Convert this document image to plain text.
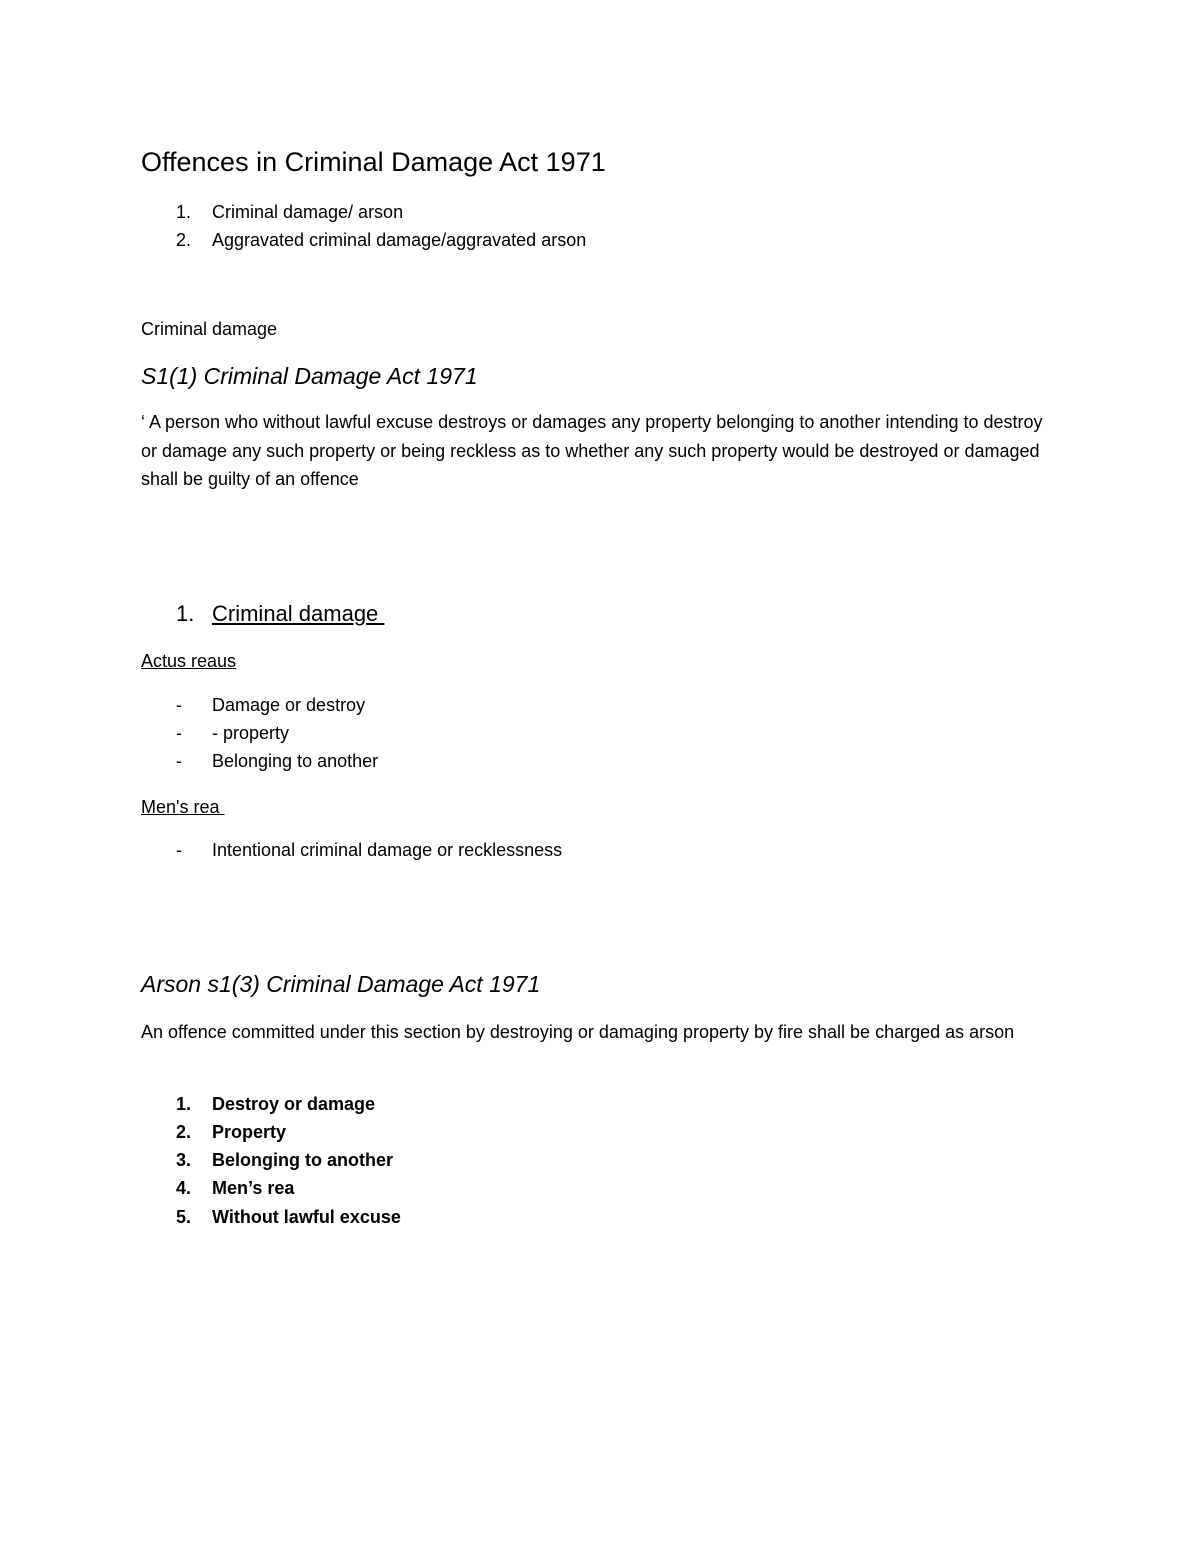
Offences in Criminal Damage Act 1971
1. Criminal damage/ arson
2. Aggravated criminal damage/aggravated arson

Criminal damage

S1(1) Criminal Damage Act 1971

‘ A person who without lawful excuse destroys or damages any property belonging to another intending to destroy or damage any such property or being reckless as to whether any such property would be destroyed or damaged shall be guilty of an offence

1. Criminal damage

Actus reaus

- Damage or destroy
- - property
- Belonging to another

Men's rea

- Intentional criminal damage or recklessness
Arson s1(3) Criminal Damage Act 1971

An offence committed under this section by destroying or damaging property by fire shall be charged as arson

1. Destroy or damage
2. Property
3. Belonging to another
4. Men’s rea
5. Without lawful excuse
